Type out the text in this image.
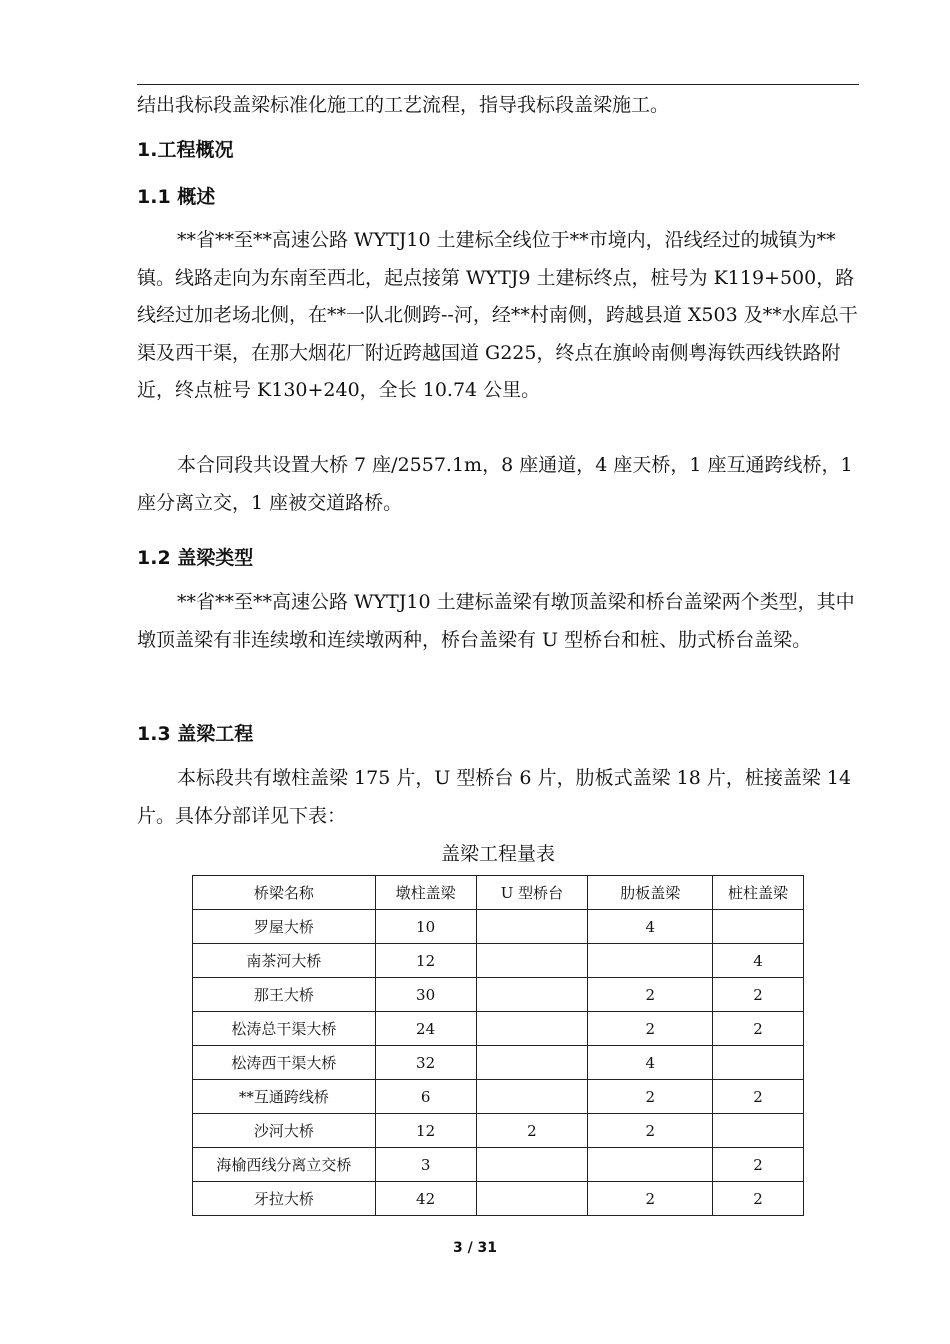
结出我标段盖梁标准化施工的工艺流程，指导我标段盖梁施工。

1.工程概况
1.1 概述

**省**至**高速公路 WYTJ10 土建标全线位于**市境内，沿线经过的城镇为**镇。线路走向为东南至西北，起点接第 WYTJ9 土建标终点，桩号为 K119+500，路线经过加老场北侧，在**一队北侧跨--河，经**村南侧，跨越县道 X503 及**水库总干渠及西干渠，在那大烟花厂附近跨越国道 G225，终点在旗岭南侧粤海铁西线铁路附近，终点桩号 K130+240，全长 10.74 公里。

本合同段共设置大桥 7 座/2557.1m，8 座通道，4 座天桥，1 座互通跨线桥，1 座分离立交，1 座被交道路桥。

1.2 盖梁类型

**省**至**高速公路 WYTJ10 土建标盖梁有墩顶盖梁和桥台盖梁两个类型，其中墩顶盖梁有非连续墩和连续墩两种，桥台盖梁有 U 型桥台和桩、肋式桥台盖梁。

1.3 盖梁工程

本标段共有墩柱盖梁 175 片，U 型桥台 6 片，肋板式盖梁 18 片，桩接盖梁 14 片。具体分部详见下表：

盖梁工程量表

桥梁名称	墩柱盖梁	U 型桥台	肋板盖梁	桩柱盖梁
罗屋大桥	10		4	
南茶河大桥	12			4
那王大桥	30		2	2
松涛总干渠大桥	24		2	2
松涛西干渠大桥	32		4	
**互通跨线桥	6		2	2
沙河大桥	12	2	2	
海榆西线分离立交桥	3			2
牙拉大桥	42		2	2
3 / 31
